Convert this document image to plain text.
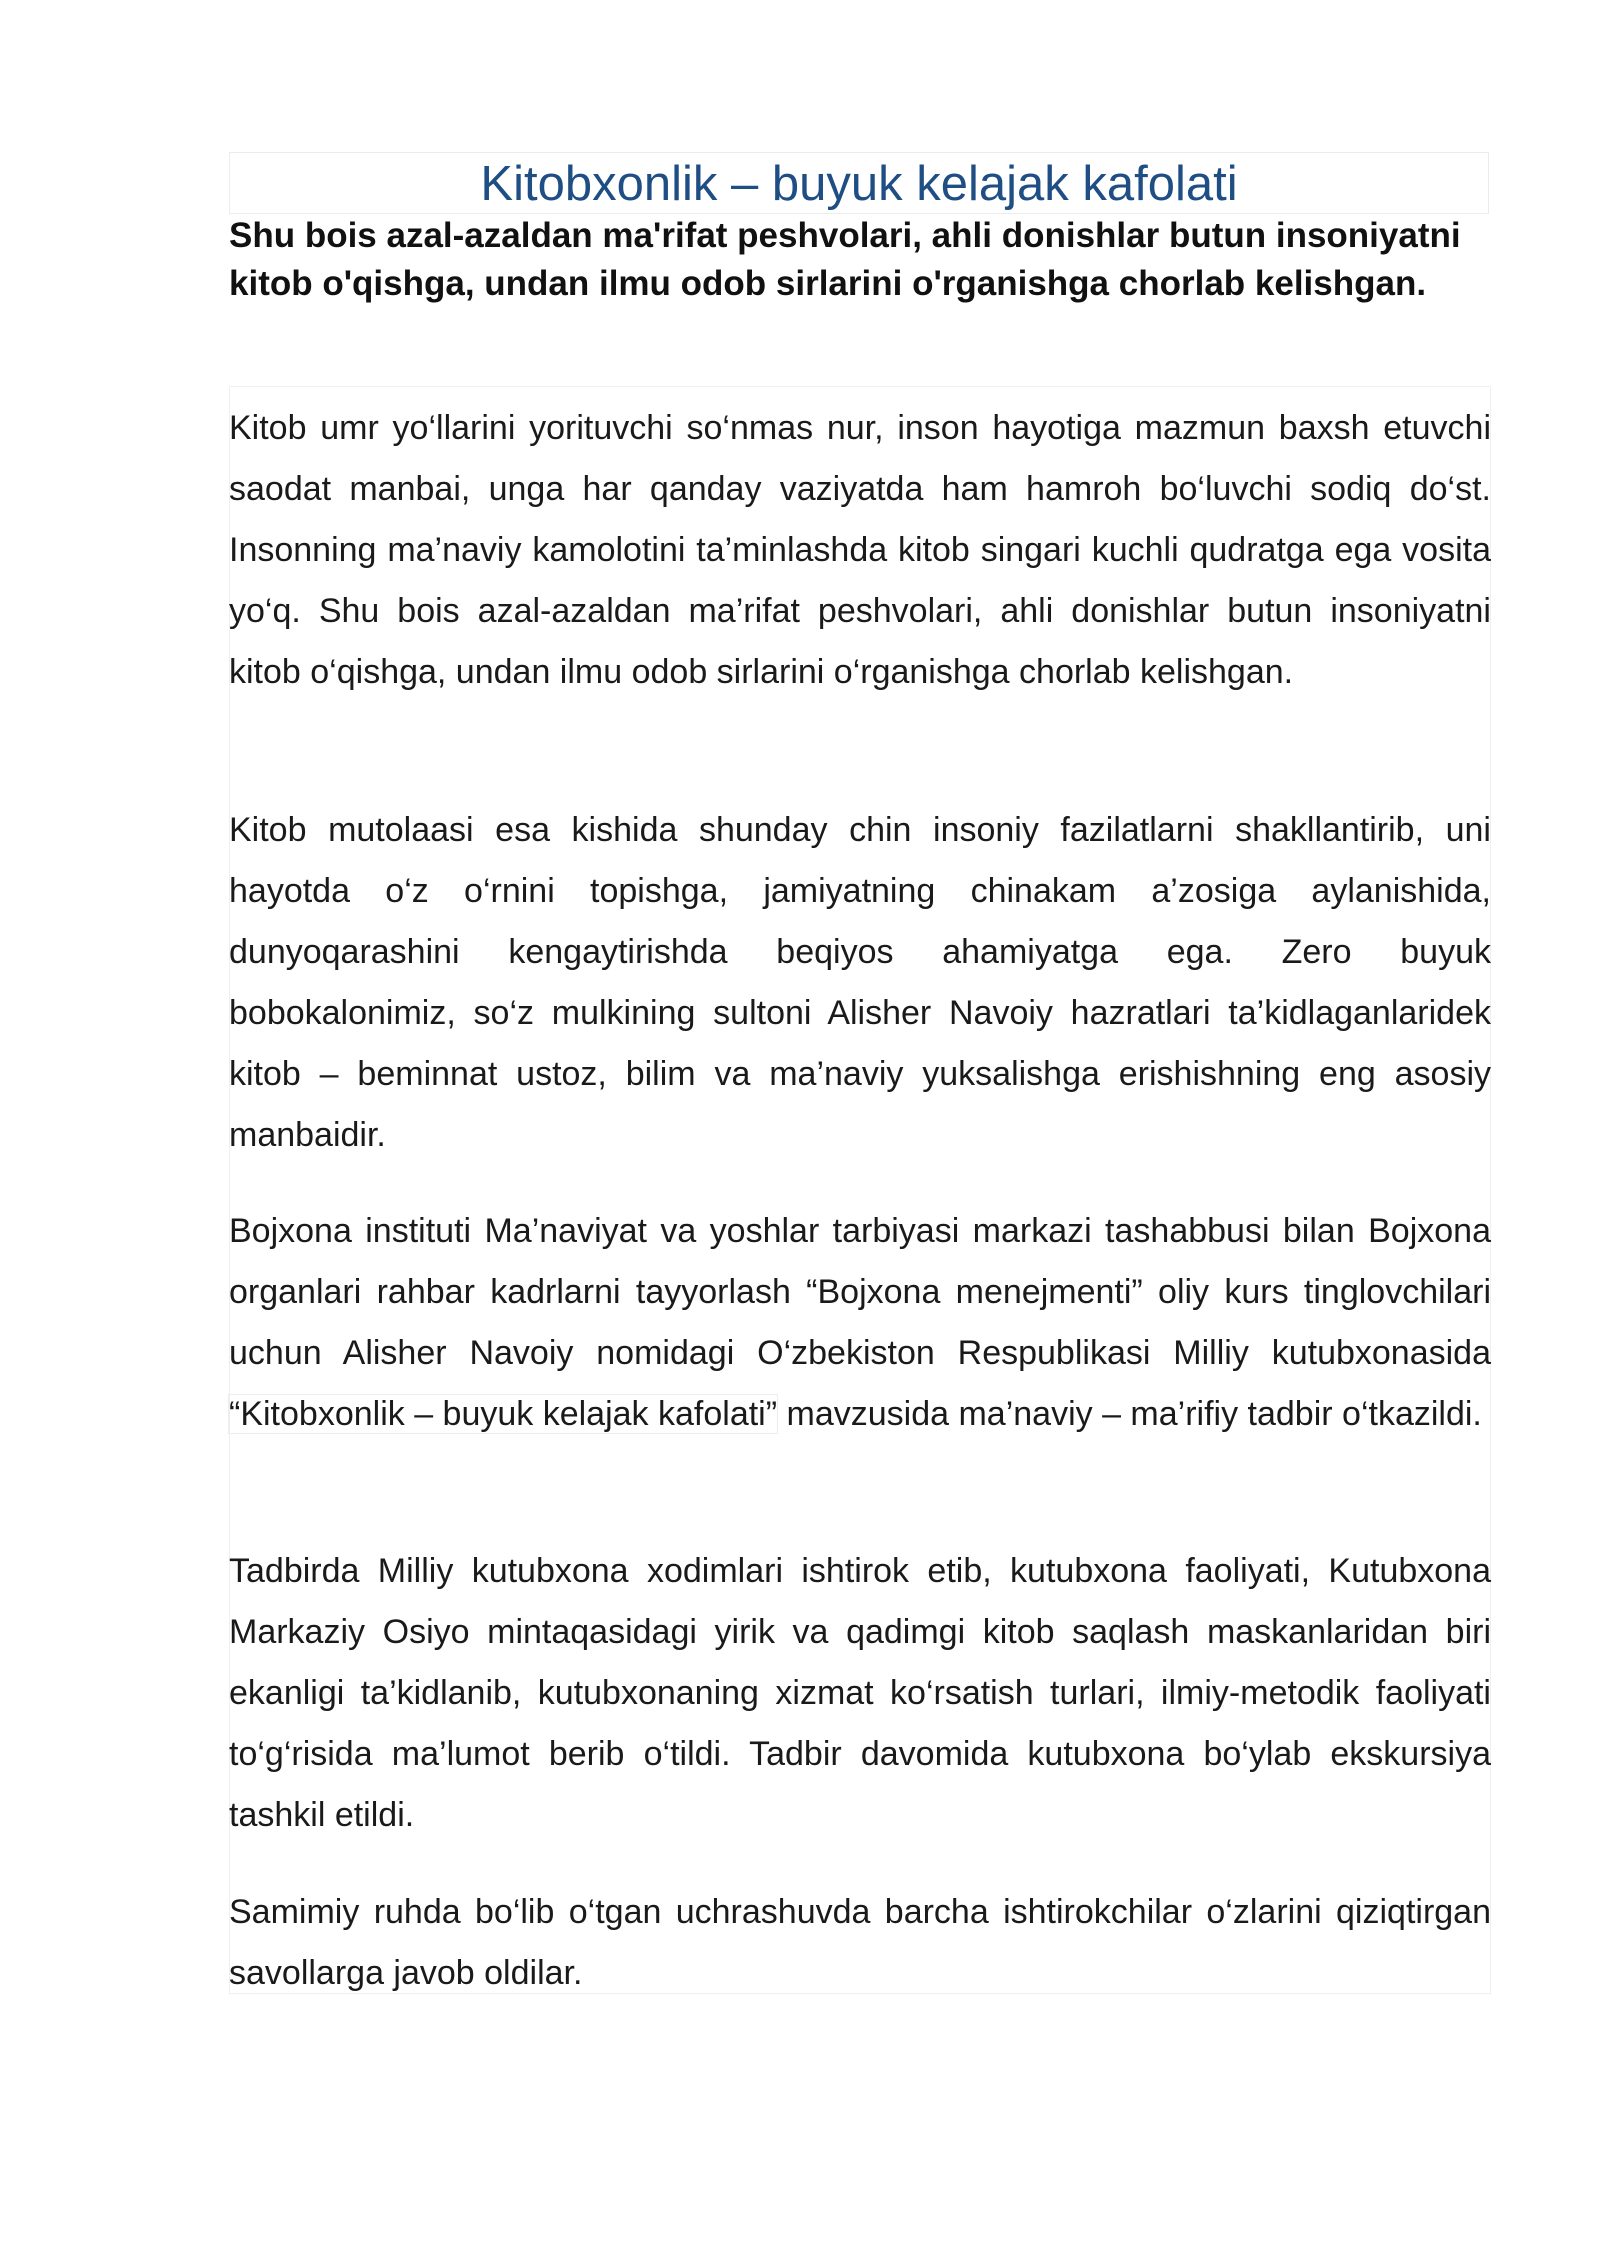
Kitobxonlik – buyuk kelajak kafolati

Shu bois azal-azaldan ma'rifat peshvolari, ahli donishlar butun insoniyatni kitob o'qishga, undan ilmu odob sirlarini o'rganishga chorlab kelishgan.

Kitob umr yo‘llarini yorituvchi so‘nmas nur, inson hayotiga mazmun baxsh etuvchi saodat manbai, unga har qanday vaziyatda ham hamroh bo‘luvchi sodiq do‘st. Insonning ma’naviy kamolotini ta’minlashda kitob singari kuchli qudratga ega vosita yo‘q. Shu bois azal-azaldan ma’rifat peshvolari, ahli donishlar butun insoniyatni kitob o‘qishga, undan ilmu odob sirlarini o‘rganishga chorlab kelishgan.

Kitob mutolaasi esa kishida shunday chin insoniy fazilatlarni shakllantirib, uni hayotda o‘z o‘rnini topishga, jamiyatning chinakam a’zosiga aylanishida, dunyoqarashini kengaytirishda beqiyos ahamiyatga ega. Zero buyuk bobokalonimiz, so‘z mulkining sultoni Alisher Navoiy hazratlari ta’kidlaganlaridek kitob – beminnat ustoz, bilim va ma’naviy yuksalishga erishishning eng asosiy manbaidir.

Bojxona instituti Ma’naviyat va yoshlar tarbiyasi markazi tashabbusi bilan Bojxona organlari rahbar kadrlarni tayyorlash “Bojxona menejmenti” oliy kurs tinglovchilari uchun Alisher Navoiy nomidagi O‘zbekiston Respublikasi Milliy kutubxonasida “Kitobxonlik – buyuk kelajak kafolati” mavzusida ma’naviy – ma’rifiy tadbir o‘tkazildi.

Tadbirda Milliy kutubxona xodimlari ishtirok etib, kutubxona faoliyati, Kutubxona Markaziy Osiyo mintaqasidagi yirik va qadimgi kitob saqlash maskanlaridan biri ekanligi ta’kidlanib, kutubxonaning xizmat ko‘rsatish turlari, ilmiy-metodik faoliyati to‘g‘risida ma’lumot berib o‘tildi. Tadbir davomida kutubxona bo‘ylab ekskursiya tashkil etildi.

Samimiy ruhda bo‘lib o‘tgan uchrashuvda barcha ishtirokchilar o‘zlarini qiziqtirgan savollarga javob oldilar.
